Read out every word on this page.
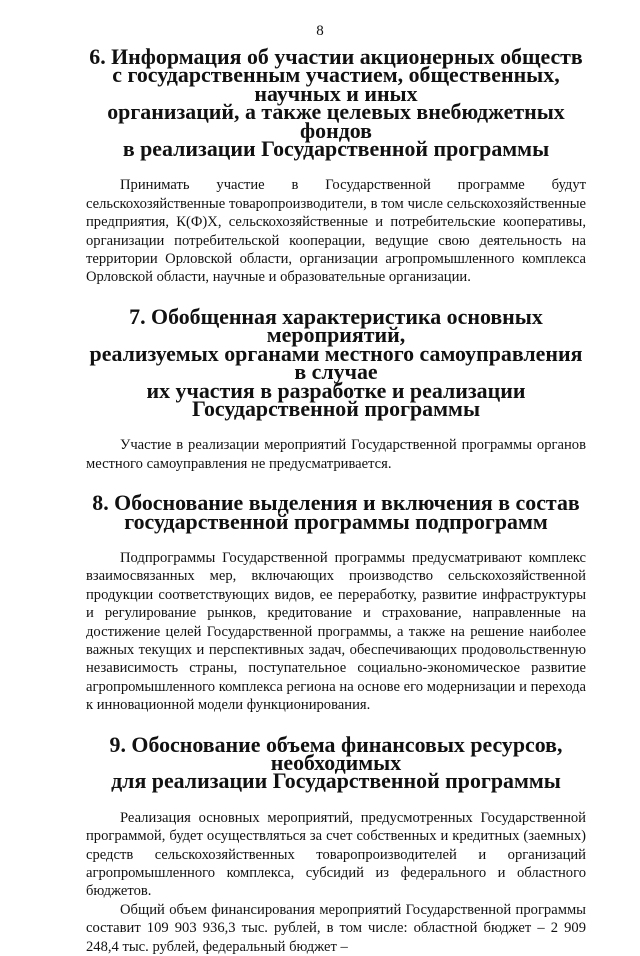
8
6. Информация об участии акционерных обществ
с государственным участием, общественных, научных и иных
организаций, а также целевых внебюджетных фондов
в реализации Государственной программы

Принимать участие в Государственной программе будут сельскохозяйственные товаропроизводители, в том числе сельскохозяйственные предприятия, К(Ф)Х, сельскохозяйственные и потребительские кооперативы, организации потребительской кооперации, ведущие свою деятельность на территории Орловской области, организации агропромышленного комплекса Орловской области, научные и образовательные организации.

7. Обобщенная характеристика основных мероприятий,
реализуемых органами местного самоуправления в случае
их участия в разработке и реализации
Государственной программы

Участие в реализации мероприятий Государственной программы органов местного самоуправления не предусматривается.

8. Обоснование выделения и включения в состав
государственной программы подпрограмм

Подпрограммы Государственной программы предусматривают комплекс взаимосвязанных мер, включающих производство сельскохозяйственной продукции соответствующих видов, ее переработку, развитие инфраструктуры и регулирование рынков, кредитование и страхование, направленные на достижение целей Государственной программы, а также на решение наиболее важных текущих и перспективных задач, обеспечивающих продовольственную независимость страны, поступательное социально-экономическое развитие агропромышленного комплекса региона на основе его модернизации и перехода к инновационной модели функционирования.

9. Обоснование объема финансовых ресурсов, необходимых
для реализации Государственной программы

Реализация основных мероприятий, предусмотренных Государственной программой, будет осуществляться за счет собственных и кредитных (заемных) средств сельскохозяйственных товаропроизводителей и организаций агропромышленного комплекса, субсидий из федерального и областного бюджетов.

Общий объем финансирования мероприятий Государственной программы составит 109 903 936,3 тыс. рублей, в том числе: областной бюджет – 2 909 248,4 тыс. рублей, федеральный бюджет –
